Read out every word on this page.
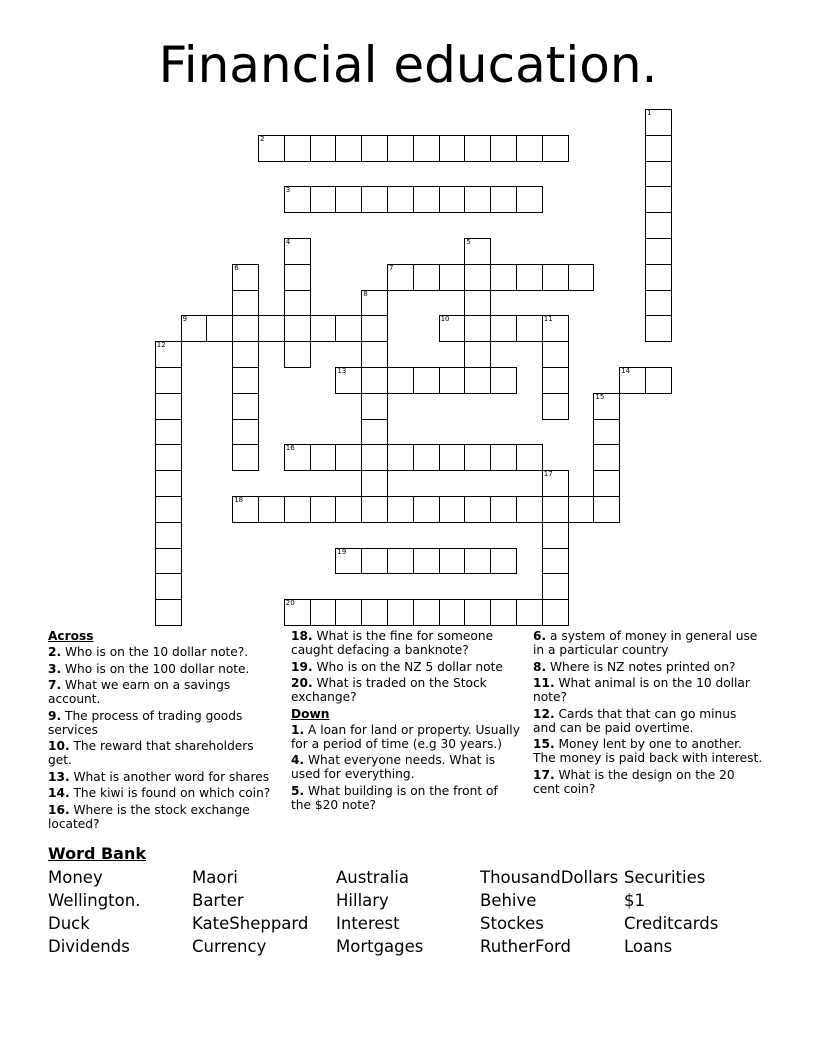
Financial education.
2
3
7
9	10	11
13	14
16
18
19
20
1
4	5
6
8
12
15
17
Across
2. Who is on the 10 dollar note?.
3. Who is on the 100 dollar note.
7. What we earn on a savings account.
9. The process of trading goods services
10. The reward that shareholders get.
13. What is another word for shares
14. The kiwi is found on which coin?
16. Where is the stock exchange located?
18. What is the fine for someone caught defacing a banknote?
19. Who is on the NZ 5 dollar note
20. What is traded on the Stock exchange?
Down
1. A loan for land or property. Usually for a period of time (e.g 30 years.)
4. What everyone needs. What is used for everything.
5. What building is on the front of the $20 note?
6. a system of money in general use in a particular country
8. Where is NZ notes printed on?
11. What animal is on the 10 dollar note?
12. Cards that that can go minus and can be paid overtime.
15. Money lent by one to another. The money is paid back with interest.
17. What is the design on the 20 cent coin?
Word Bank
Money	Maori	Australia	ThousandDollars Securities
Wellington.	Barter	Hillary	Behive	$1
Duck	KateSheppard Interest	Stockes	Creditcards
Dividends	Currency	Mortgages	RutherFord	Loans
